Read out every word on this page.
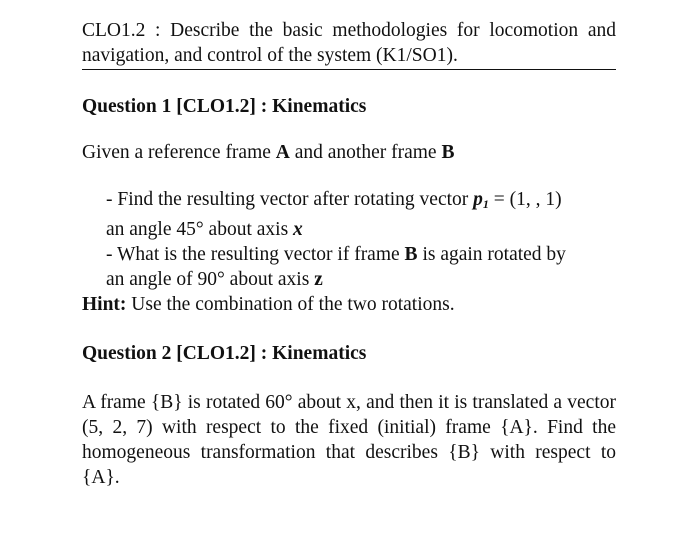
CLO1.2 : Describe the basic methodologies for locomotion and navigation, and control of the system (K1/SO1).
Question 1 [CLO1.2] : Kinematics
Given a reference frame A and another frame B
- Find the resulting vector after rotating vector $p_1 = (1$, , 1)
an angle 45° about axis x
- What is the resulting vector if frame B is again rotated by
an angle of 90° about axis z
Hint: Use the combination of the two rotations.
Question 2 [CLO1.2] : Kinematics
A frame {B} is rotated 60° about x, and then it is translated a vector (5, 2, 7) with respect to the fixed (initial) frame {A}. Find the homogeneous transformation that describes {B} with respect to {A}.
